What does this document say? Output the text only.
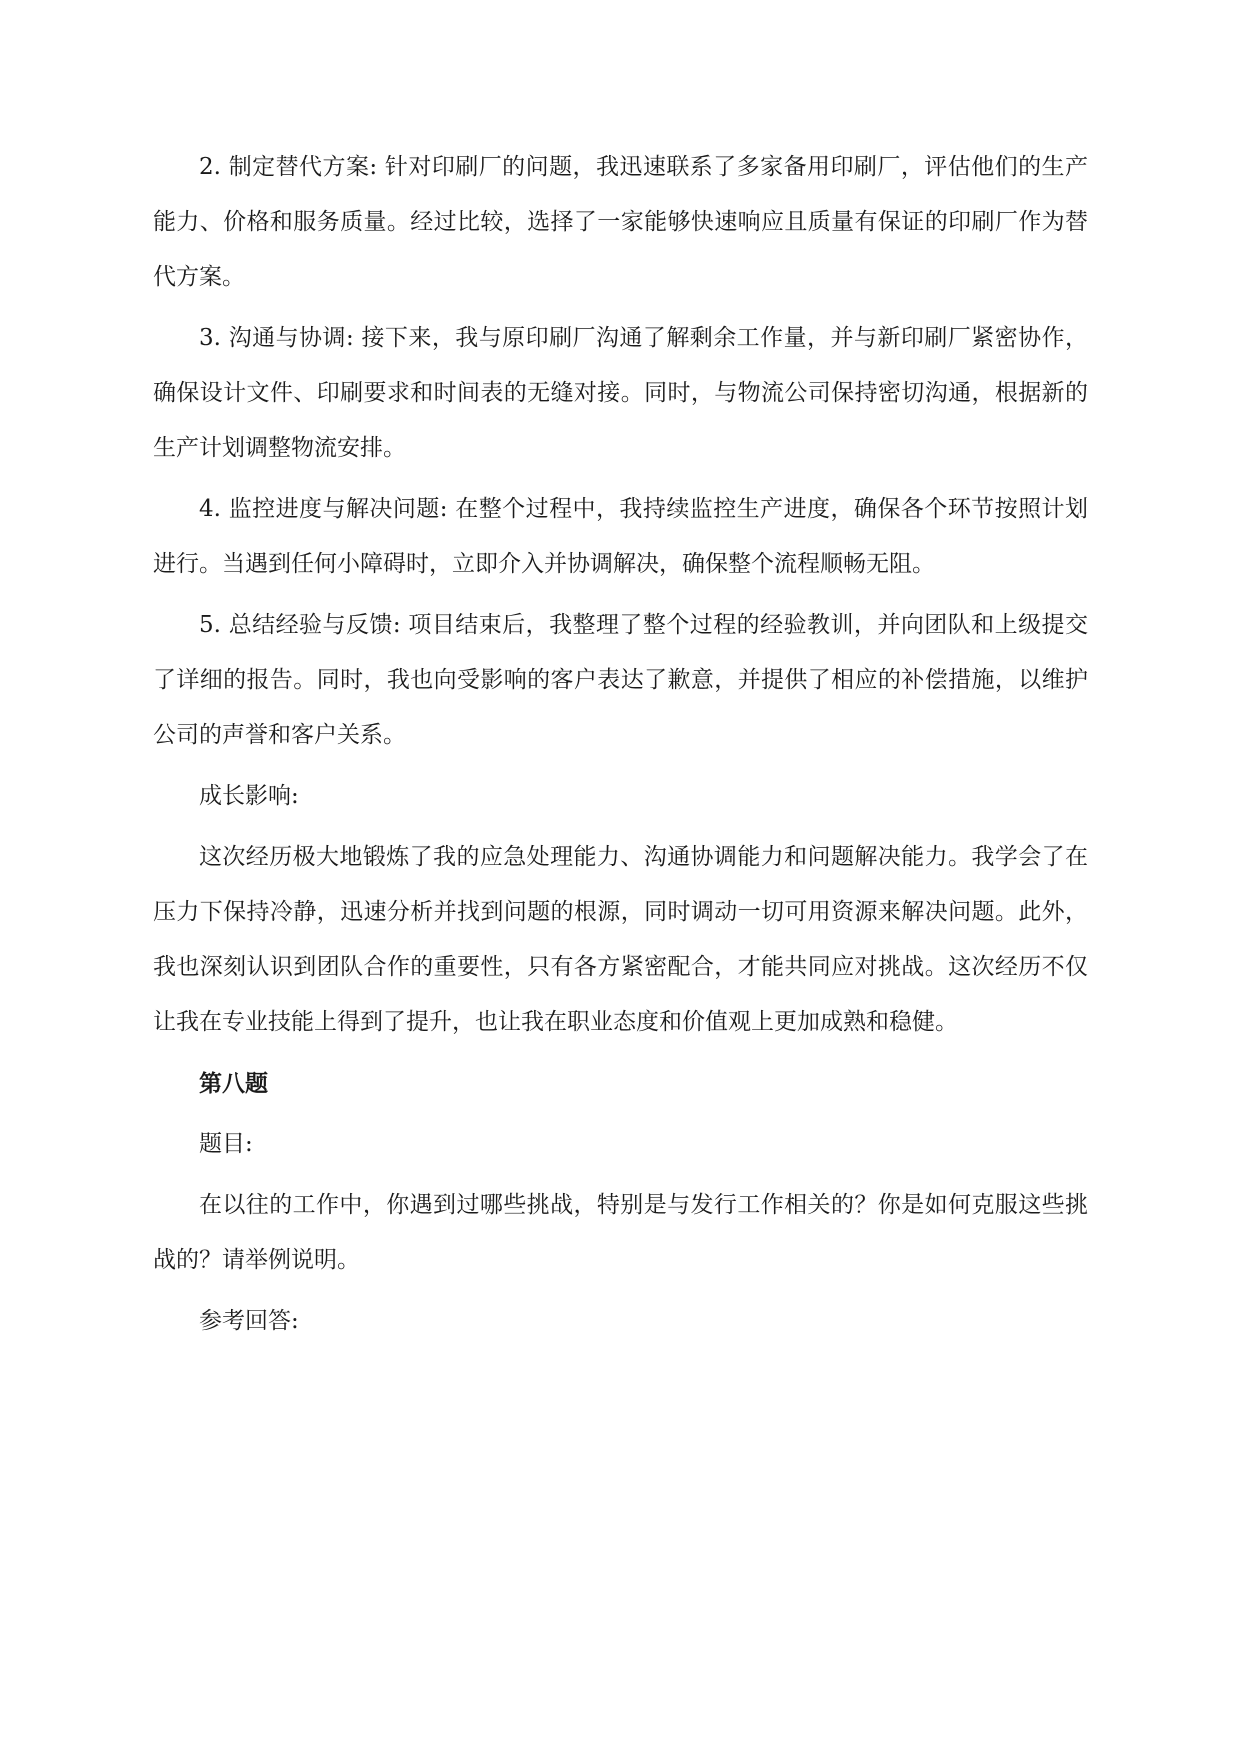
2. 制定替代方案: 针对印刷厂的问题，我迅速联系了多家备用印刷厂，评估他们的生产能力、价格和服务质量。经过比较，选择了一家能够快速响应且质量有保证的印刷厂作为替代方案。

3. 沟通与协调: 接下来，我与原印刷厂沟通了解剩余工作量，并与新印刷厂紧密协作，确保设计文件、印刷要求和时间表的无缝对接。同时，与物流公司保持密切沟通，根据新的生产计划调整物流安排。

4. 监控进度与解决问题: 在整个过程中，我持续监控生产进度，确保各个环节按照计划进行。当遇到任何小障碍时，立即介入并协调解决，确保整个流程顺畅无阻。

5. 总结经验与反馈: 项目结束后，我整理了整个过程的经验教训，并向团队和上级提交了详细的报告。同时，我也向受影响的客户表达了歉意，并提供了相应的补偿措施，以维护公司的声誉和客户关系。

成长影响:

这次经历极大地锻炼了我的应急处理能力、沟通协调能力和问题解决能力。我学会了在压力下保持冷静，迅速分析并找到问题的根源，同时调动一切可用资源来解决问题。此外，我也深刻认识到团队合作的重要性，只有各方紧密配合，才能共同应对挑战。这次经历不仅让我在专业技能上得到了提升，也让我在职业态度和价值观上更加成熟和稳健。

第八题

题目:

在以往的工作中，你遇到过哪些挑战，特别是与发行工作相关的？你是如何克服这些挑战的？请举例说明。

参考回答:
